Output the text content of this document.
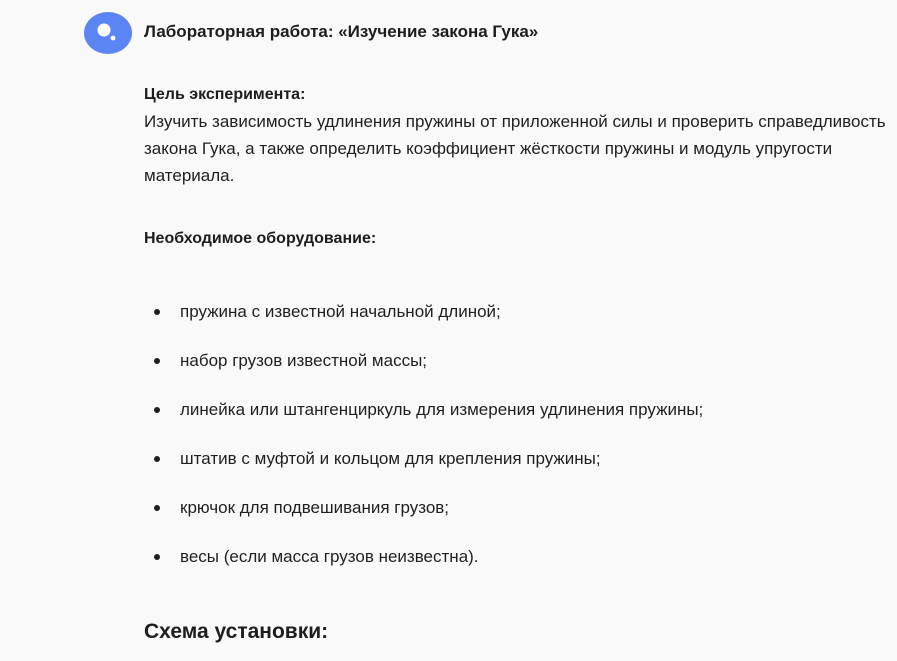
Лабораторная работа: «Изучение закона Гука»
Цель эксперимента:
Изучить зависимость удлинения пружины от приложенной силы и проверить справедливость закона Гука, а также определить коэффициент жёсткости пружины и модуль упругости материала.
Необходимое оборудование:
пружина с известной начальной длиной;
набор грузов известной массы;
линейка или штангенциркуль для измерения удлинения пружины;
штатив с муфтой и кольцом для крепления пружины;
крючок для подвешивания грузов;
весы (если масса грузов неизвестна).
Схема установки:
